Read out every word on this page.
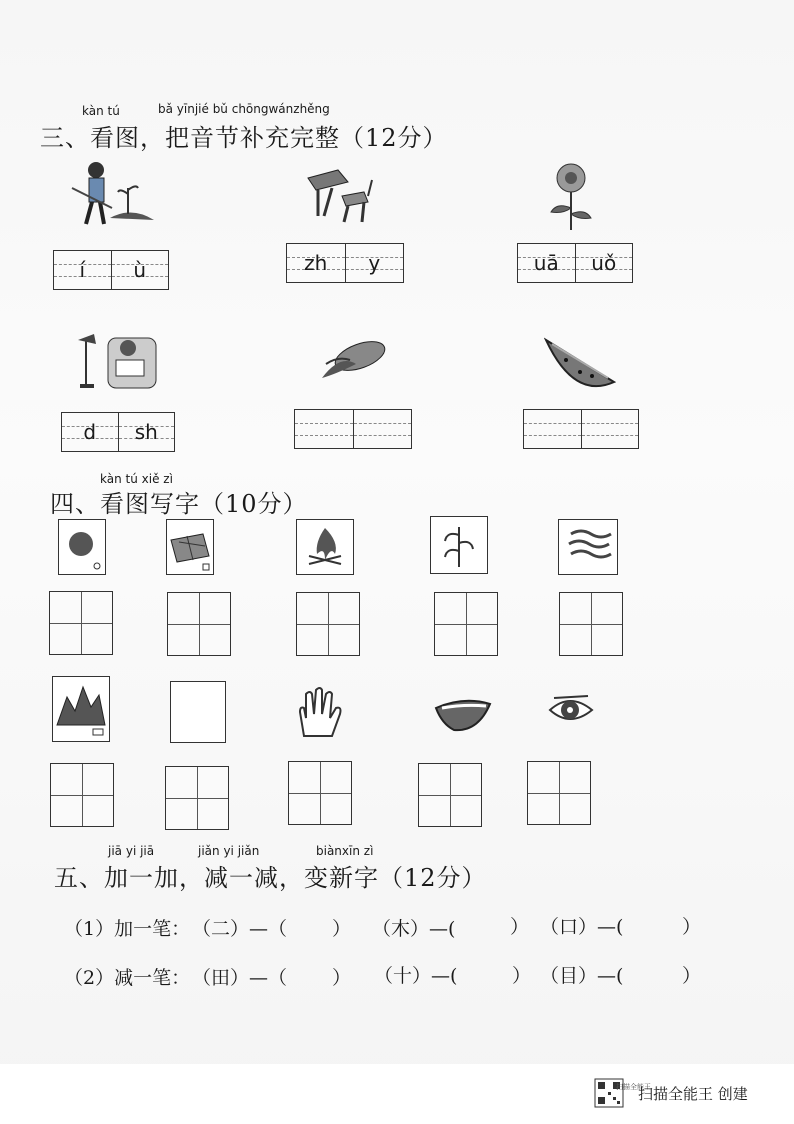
kàn tú	bǎ yīnjié bǔ chōngwánzhěng
三、看图，把音节补充完整（12分）
í ù	zh y	uā uǒ
d sh
kàn tú xiě zì
四、看图写字（10分）
jiā yi jiā	jiǎn yi jiǎn	biànxīn zì
五、加一加，减一减，变新字（12分）
（1）加一笔： （二）—（ ） （木）—(	） （口）—(	）
（2）减一笔： （田）—（ ） （十）—(	） （目）—(	）
扫描全能王
扫描全能王 创建
